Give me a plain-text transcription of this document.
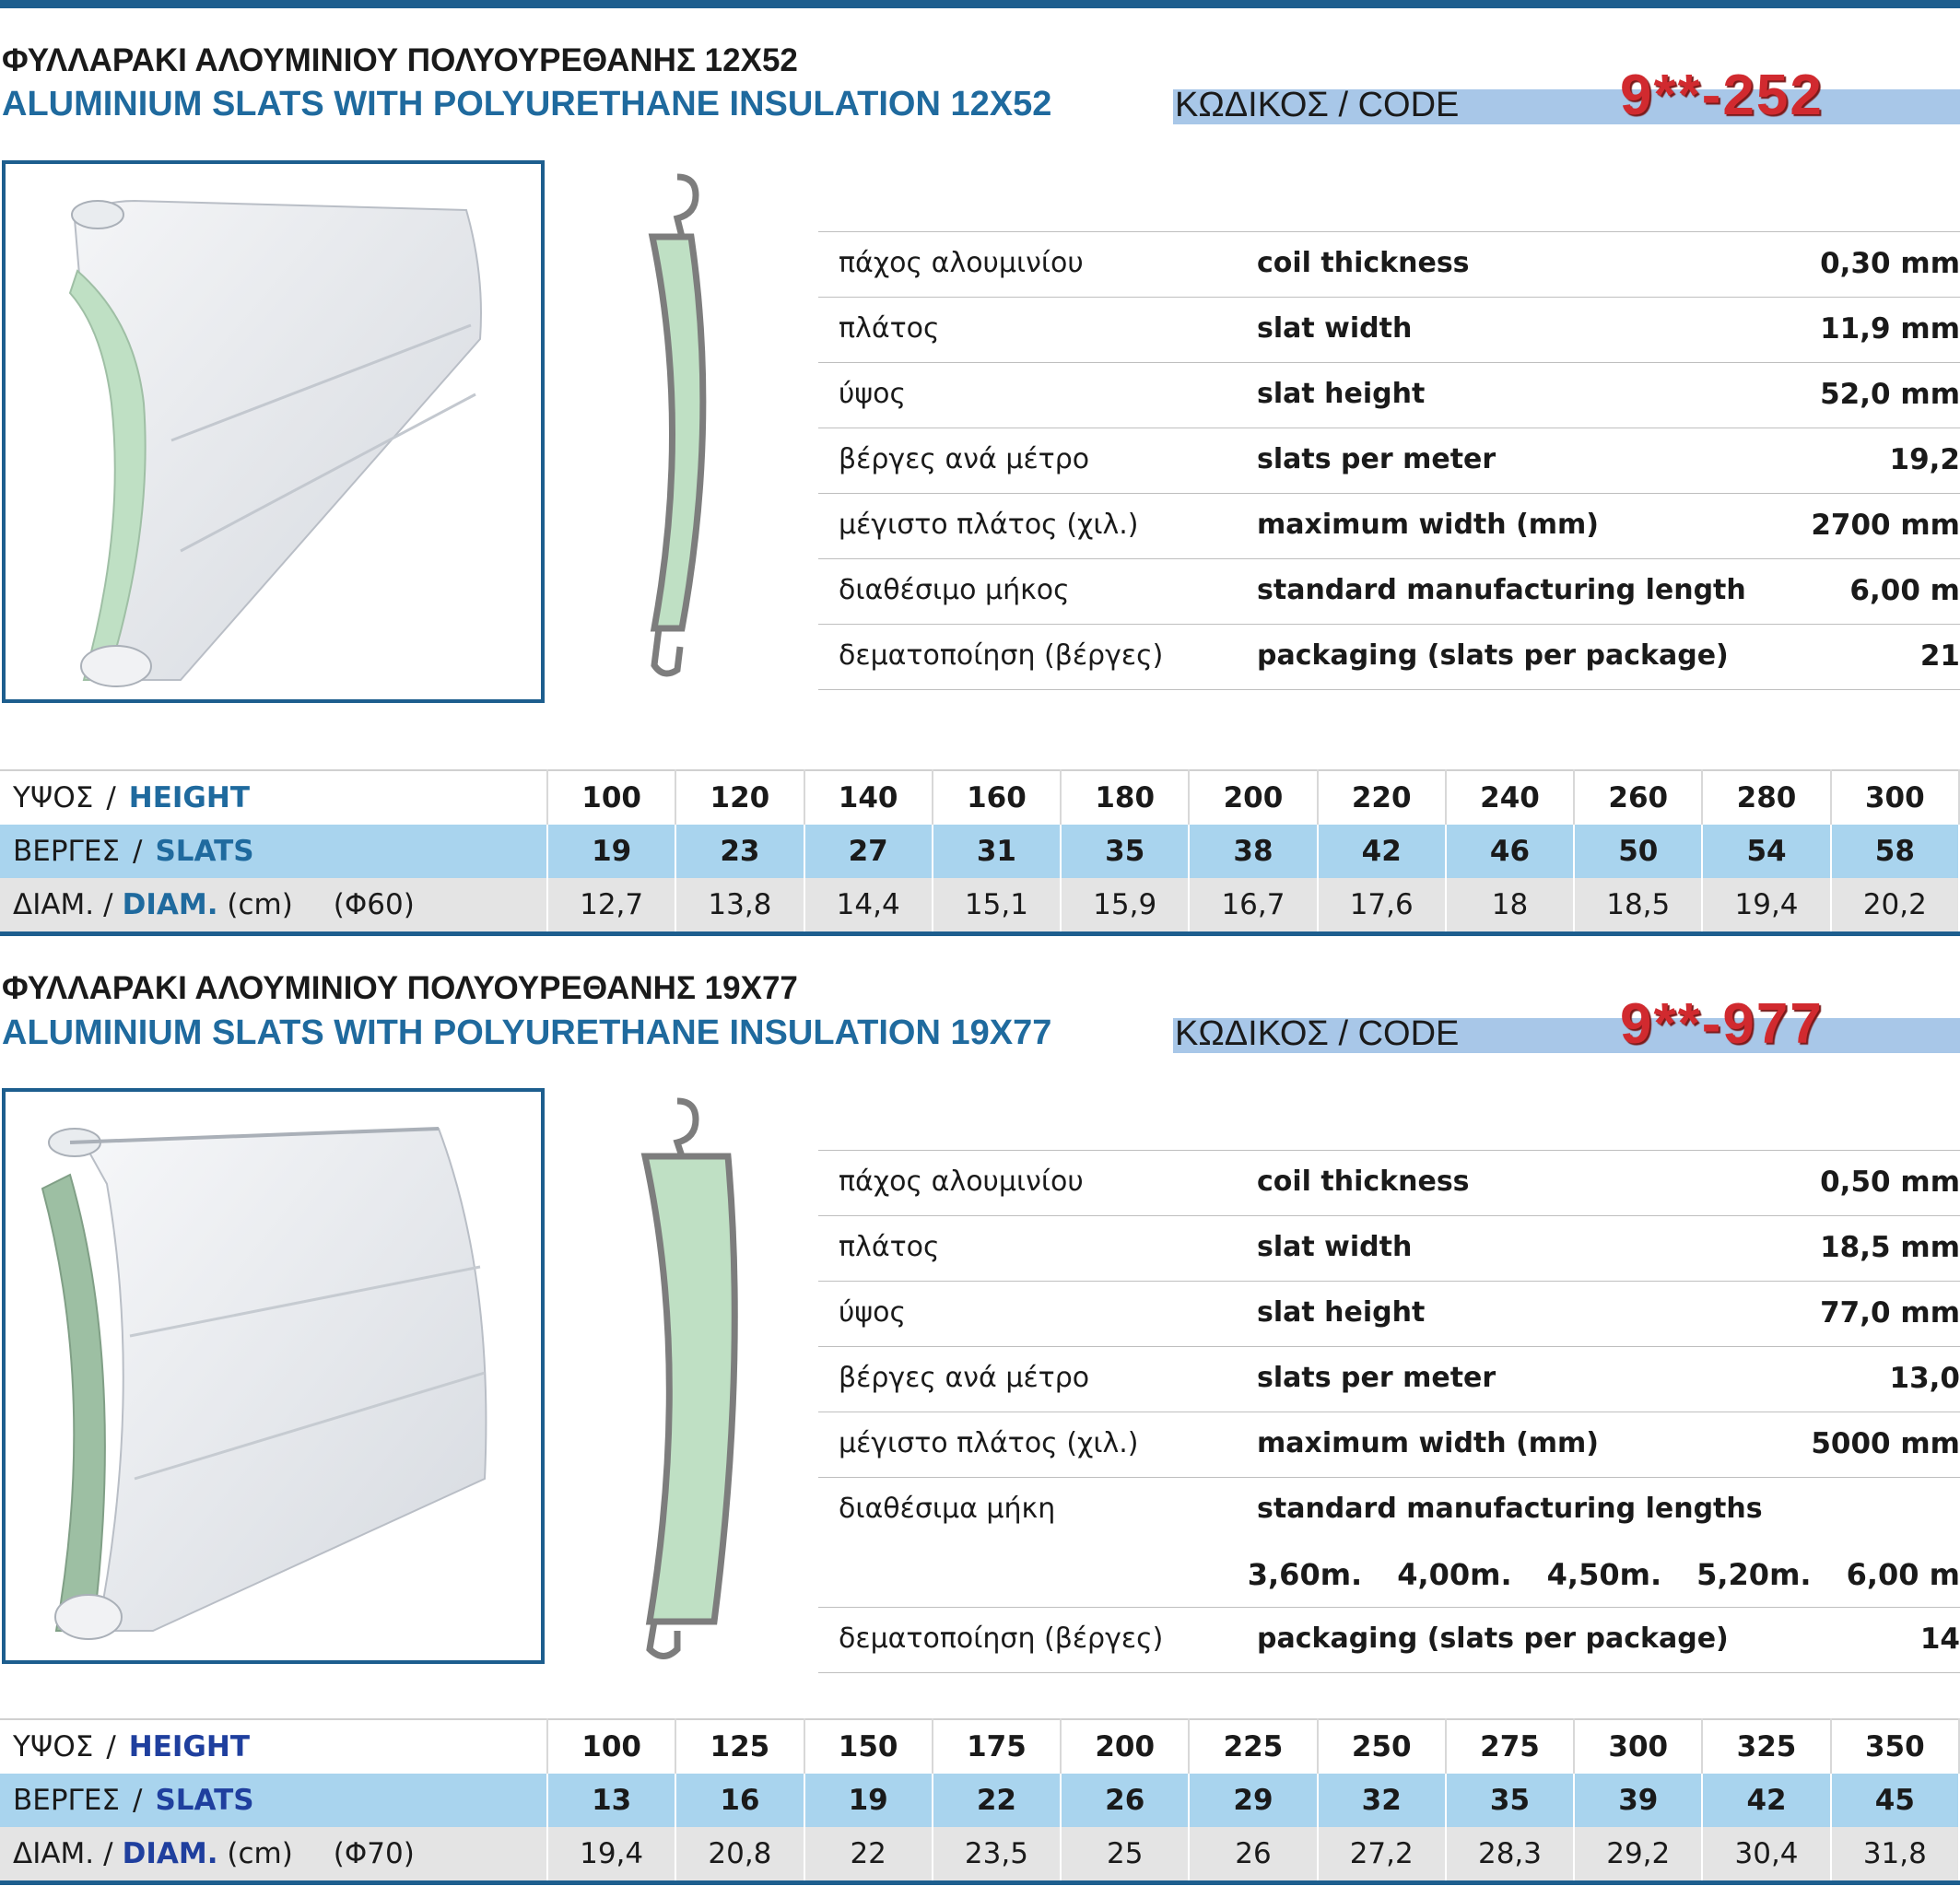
ΦΥΛΛΑΡΑΚΙ ΑΛΟΥΜΙΝΙΟΥ ΠΟΛΥΟΥΡΕΘΑΝΗΣ 12Χ52
ALUMINIUM SLATS WITH POLYURETHANE INSULATION 12X52	ΚΩΔΙΚΟΣ / CODE	9**-252
πάχος αλουμινίου	coil thickness	0,30 mm
πλάτος	slat width	11,9 mm
ύψος	slat height	52,0 mm
βέργες ανά μέτρο	slats per meter	19,2
μέγιστο πλάτος (χιλ.)	maximum width (mm)	2700 mm
διαθέσιμο μήκος	standard manufacturing length	6,00 m
δεματοποίηση (βέργες)	packaging (slats per package)	21
ΥΨΟΣ / HEIGHT	100	120	140	160	180	200	220	240	260	280	300
ΒΕΡΓΕΣ / SLATS	19	23	27	31	35	38	42	46	50	54	58
ΔΙΑΜ. / DIAM. (cm) (Φ60)	12,7	13,8	14,4	15,1	15,9	16,7	17,6	18	18,5	19,4	20,2
ΦΥΛΛΑΡΑΚΙ ΑΛΟΥΜΙΝΙΟΥ ΠΟΛΥΟΥΡΕΘΑΝΗΣ 19Χ77
ALUMINIUM SLATS WITH POLYURETHANE INSULATION 19X77	ΚΩΔΙΚΟΣ / CODE	9**-977
πάχος αλουμινίου	coil thickness	0,50 mm
πλάτος	slat width	18,5 mm
ύψος	slat height	77,0 mm
βέργες ανά μέτρο	slats per meter	13,0
μέγιστο πλάτος (χιλ.)	maximum width (mm)	5000 mm
διαθέσιμα μήκη	standard manufacturing lengths
3,60m. 4,00m. 4,50m. 5,20m. 6,00 m
δεματοποίηση (βέργες)	packaging (slats per package)	14
ΥΨΟΣ / HEIGHT	100	125	150	175	200	225	250	275	300	325	350
ΒΕΡΓΕΣ / SLATS	13	16	19	22	26	29	32	35	39	42	45
ΔΙΑΜ. / DIAM. (cm) (Φ70)	19,4	20,8	22	23,5	25	26	27,2	28,3	29,2	30,4	31,8
